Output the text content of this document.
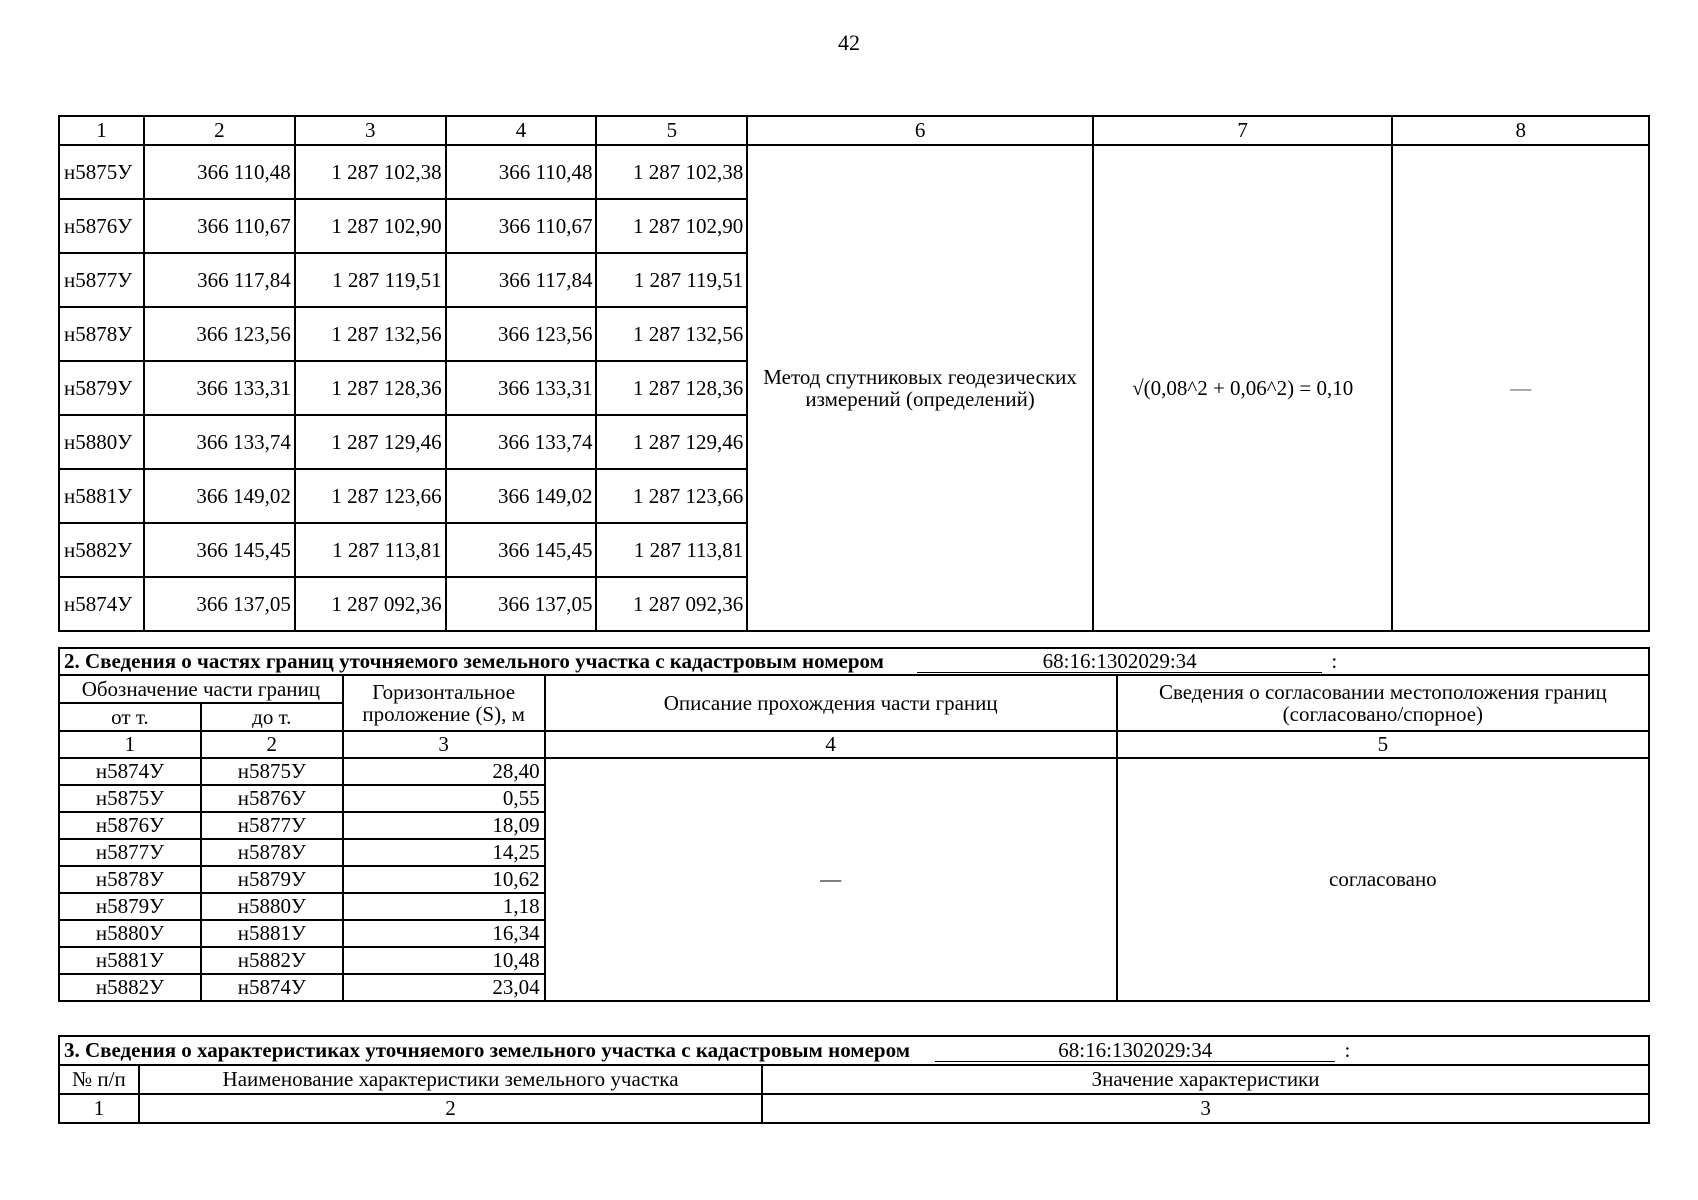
42
1	2	3	4	5	6	7	8
н5875У	366 110,48	1 287 102,38	366 110,48	1 287 102,38	Метод спутниковых геодезических измерений (определений)	√(0,08^2 + 0,06^2) = 0,10	—
н5876У	366 110,67	1 287 102,90	366 110,67	1 287 102,90			
н5877У	366 117,84	1 287 119,51	366 117,84	1 287 119,51			
н5878У	366 123,56	1 287 132,56	366 123,56	1 287 132,56			
н5879У	366 133,31	1 287 128,36	366 133,31	1 287 128,36			
н5880У	366 133,74	1 287 129,46	366 133,74	1 287 129,46			
н5881У	366 149,02	1 287 123,66	366 149,02	1 287 123,66			
н5882У	366 145,45	1 287 113,81	366 145,45	1 287 113,81			
н5874У	366 137,05	1 287 092,36	366 137,05	1 287 092,36			
2. Сведения о частях границ уточняемого земельного участка с кадастровым номером 68:16:1302029:34 :				
Обозначение части границ		Горизонтальное проложение (S), м	Описание прохождения части границ	Сведения о согласовании местоположения границ (согласовано/спорное)
от т.	до т.			
1	2	3	4	5
н5874У	н5875У	28,40	—	согласовано
н5875У	н5876У	0,55		
н5876У	н5877У	18,09		
н5877У	н5878У	14,25		
н5878У	н5879У	10,62		
н5879У	н5880У	1,18		
н5880У	н5881У	16,34		
н5881У	н5882У	10,48		
н5882У	н5874У	23,04		
3. Сведения о характеристиках уточняемого земельного участка с кадастровым номером 68:16:1302029:34 :		
№ п/п	Наименование характеристики земельного участка	Значение характеристики
1	2	3
